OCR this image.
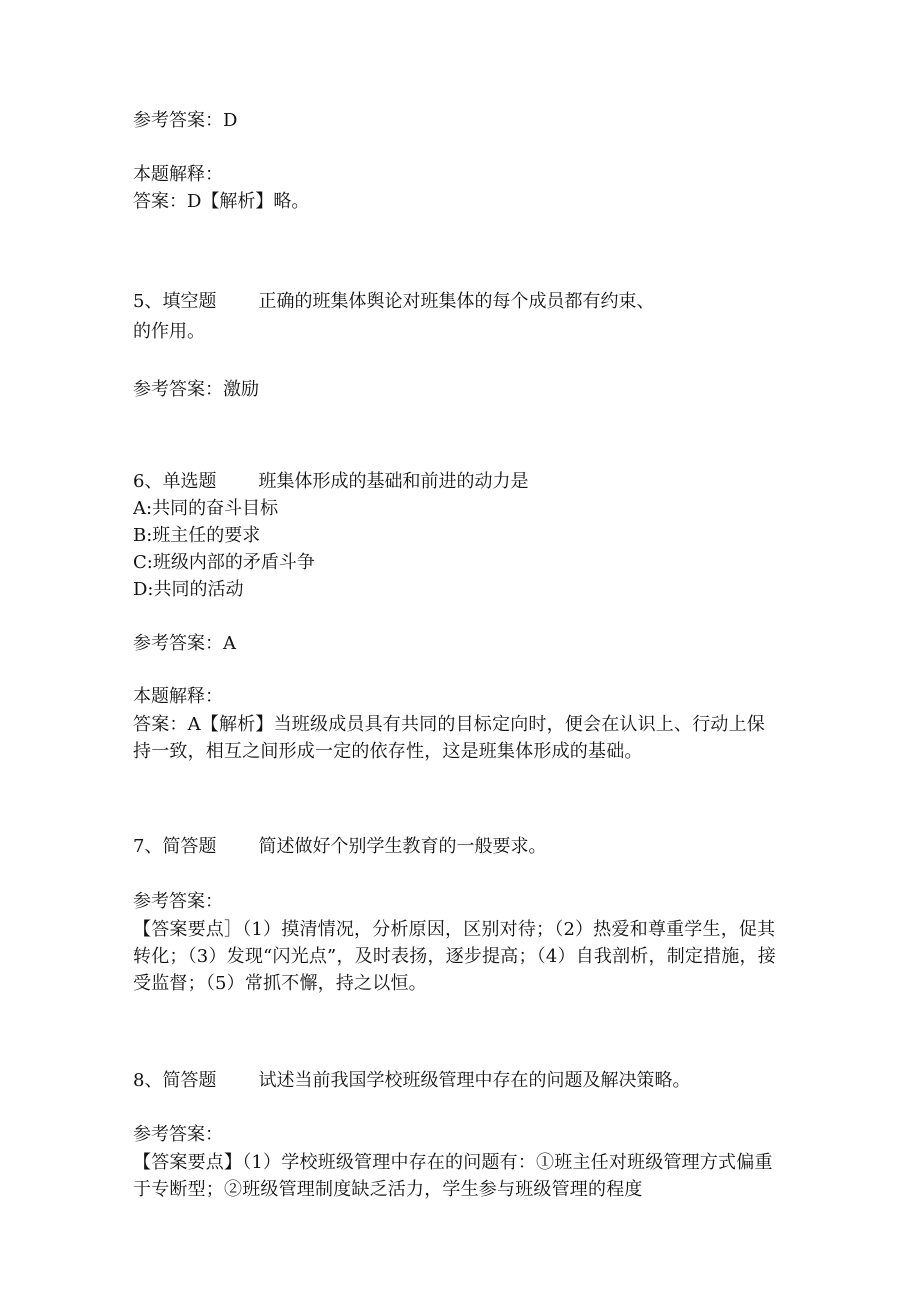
参考答案：D
本题解释：
答案：D【解析】略。
5、填空题 正确的班集体舆论对班集体的每个成员都有约束、
的作用。
参考答案：激励
6、单选题 班集体形成的基础和前进的动力是
A:共同的奋斗目标
B:班主任的要求
C:班级内部的矛盾斗争
D:共同的活动
参考答案：A
本题解释：
答案：A【解析】当班级成员具有共同的目标定向时，便会在认识上、行动上保持一致，相互之间形成一定的依存性，这是班集体形成的基础。
7、简答题 简述做好个别学生教育的一般要求。
参考答案：
【答案要点］（1）摸清情况，分析原因，区别对待；（2）热爱和尊重学生，促其转化；（3）发现“闪光点”，及时表扬，逐步提高；（4）自我剖析，制定措施，接受监督；（5）常抓不懈，持之以恒。
8、简答题 试述当前我国学校班级管理中存在的问题及解决策略。
参考答案：
【答案要点】（1）学校班级管理中存在的问题有：①班主任对班级管理方式偏重于专断型；②班级管理制度缺乏活力，学生参与班级管理的程度
